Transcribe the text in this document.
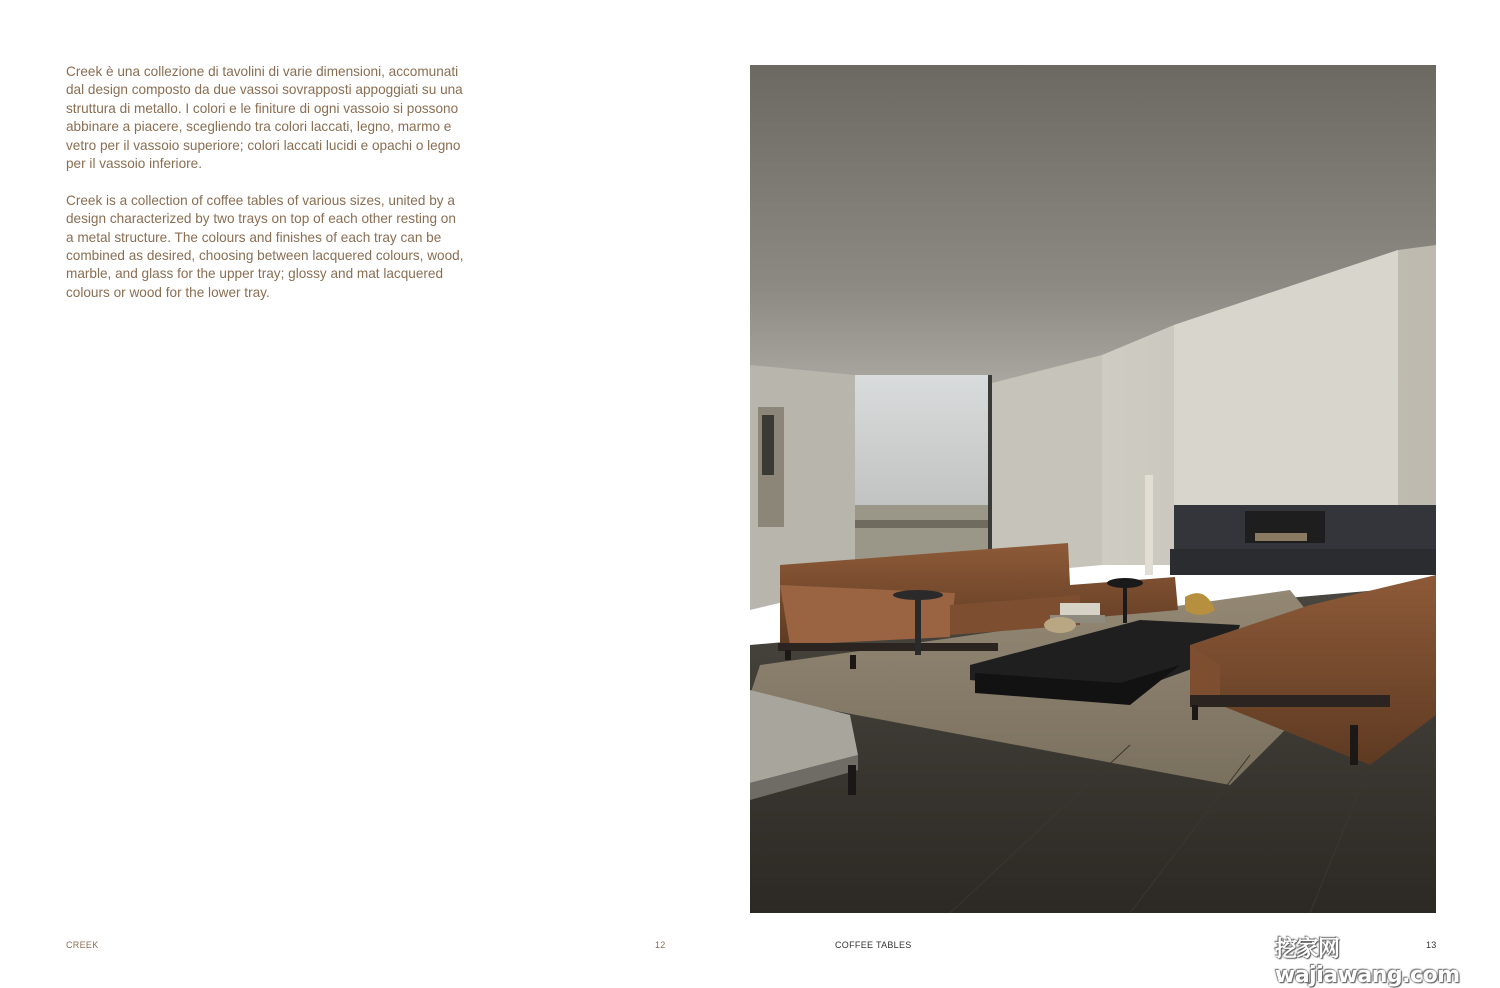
Creek è una collezione di tavolini di varie dimensioni, accomunati dal design composto da due vassoi sovrapposti appoggiati su una struttura di metallo. I colori e le finiture di ogni vassoio si possono abbinare a piacere, scegliendo tra colori laccati, legno, marmo e vetro per il vassoio superiore; colori laccati lucidi e opachi o legno per il vassoio inferiore.

Creek is a collection of coffee tables of various sizes, united by a design characterized by two trays on top of each other resting on a metal structure. The colours and finishes of each tray can be combined as desired, choosing between lacquered colours, wood, marble, and glass for the upper tray; glossy and mat lacquered colours or wood for the lower tray.

CREEK	12	COFFEE TABLES	13
挖家网 wajiawang.com
